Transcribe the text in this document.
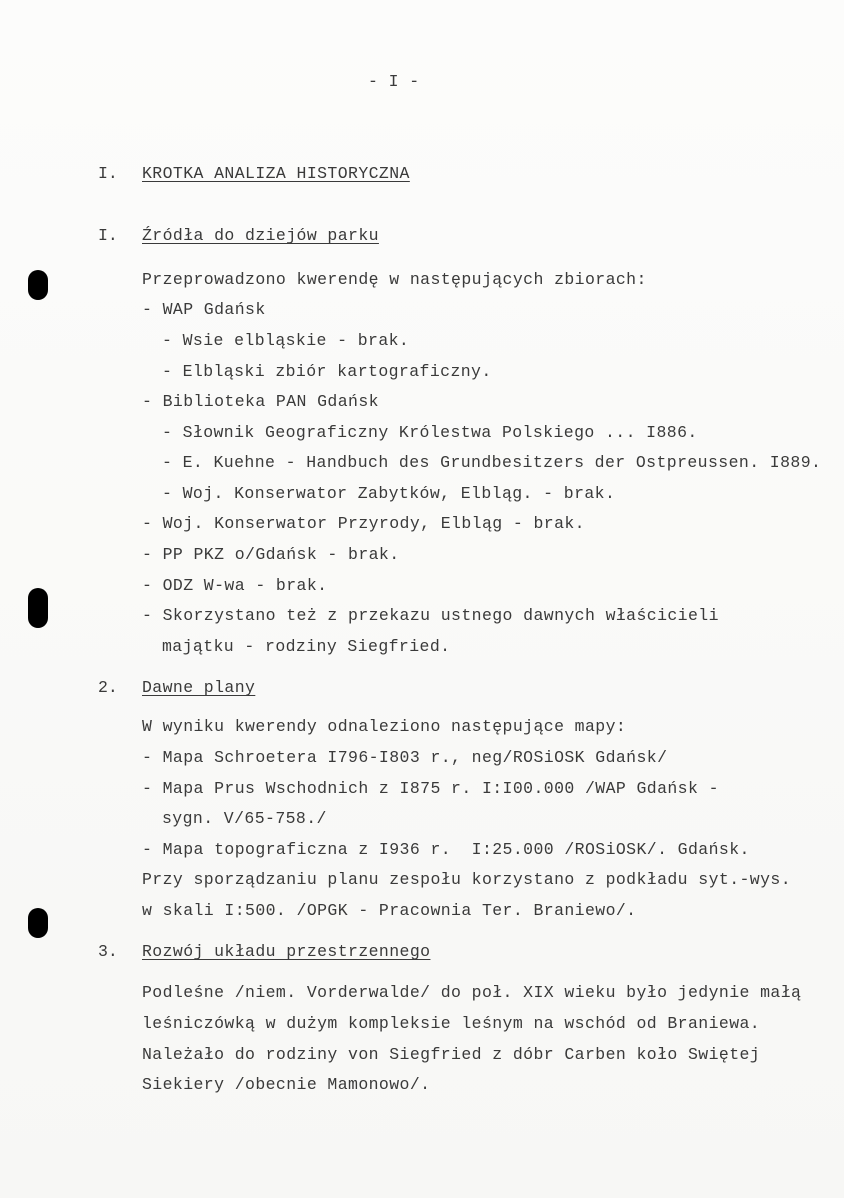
- I -
I. KROTKA ANALIZA HISTORYCZNA
I. Źródła do dziejów parku
Przeprowadzono kwerendę w następujących zbiorach:
- WAP Gdańsk
- Wsie elbląskie - brak.
- Elbląski zbiór kartograficzny.
- Biblioteka PAN Gdańsk
- Słownik Geograficzny Królestwa Polskiego ... I886.
- E. Kuehne - Handbuch des Grundbesitzers der Ostpreussen. I889.
- Woj. Konserwator Zabytków, Elbląg. - brak.
- Woj. Konserwator Przyrody, Elbląg - brak.
- PP PKZ o/Gdańsk - brak.
- ODZ W-wa - brak.
- Skorzystano też z przekazu ustnego dawnych właścicieli
majątku - rodziny Siegfried.
2. Dawne plany
W wyniku kwerendy odnaleziono następujące mapy:
- Mapa Schroetera I796-I803 r., neg/ROSiOSK Gdańsk/
- Mapa Prus Wschodnich z I875 r. I:I00.000 /WAP Gdańsk -
sygn. V/65-758./
- Mapa topograficzna z I936 r.  I:25.000 /ROSiOSK/. Gdańsk.
Przy sporządzaniu planu zespołu korzystano z podkładu syt.-wys.
w skali I:500. /OPGK - Pracownia Ter. Braniewo/.
3. Rozwój układu przestrzennego
Podleśne /niem. Vorderwalde/ do poł. XIX wieku było jedynie małą
leśniczówką w dużym kompleksie leśnym na wschód od Braniewa.
Należało do rodziny von Siegfried z dóbr Carben koło Swiętej
Siekiery /obecnie Mamonowo/.
